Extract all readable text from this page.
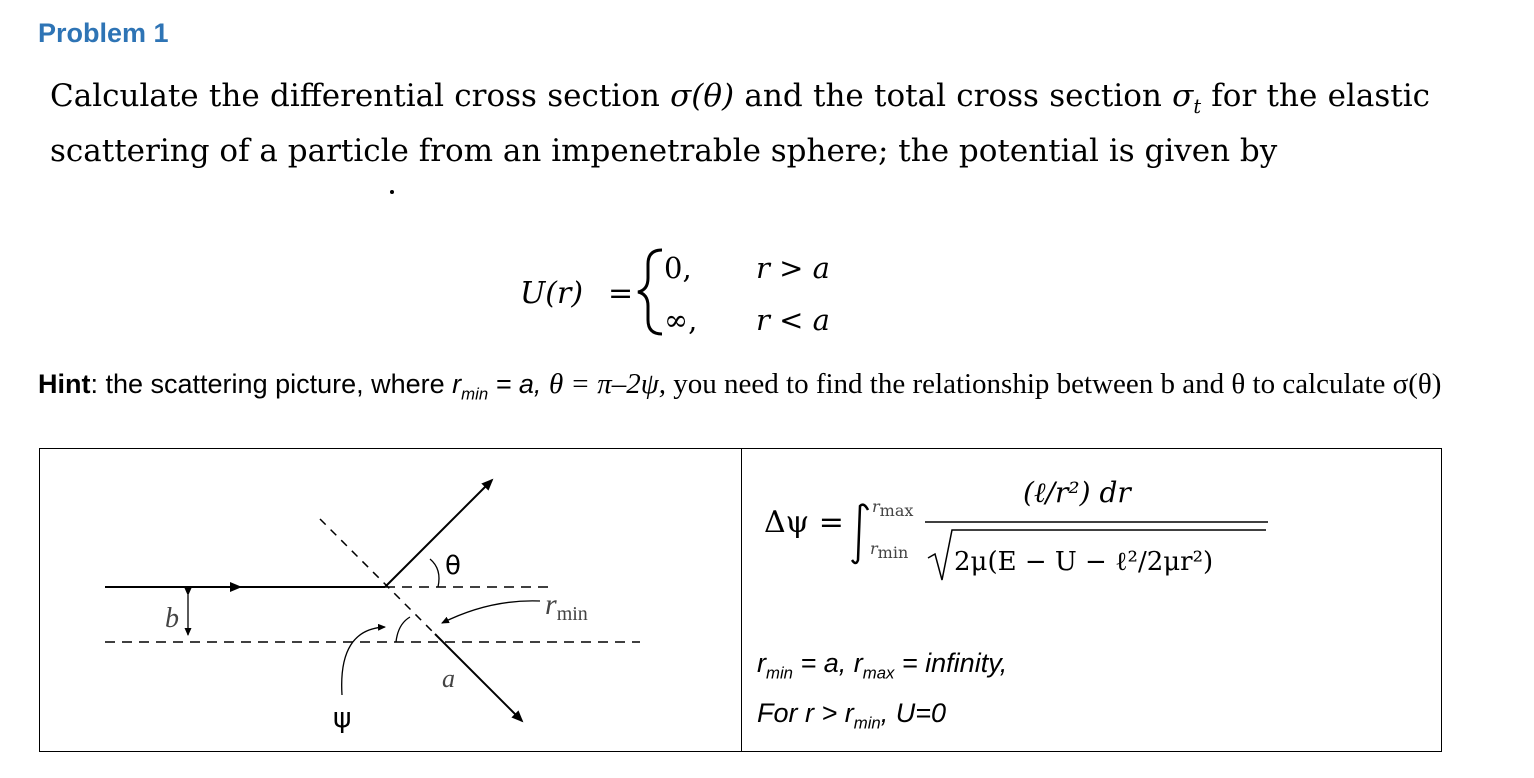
Problem 1
Calculate the differential cross section σ(θ) and the total cross section $\sigma_t$ for the elastic scattering of a particle from an impenetrable sphere; the potential is given by
U(r) =
0, r > a
∞, r < a
Hint: the scattering picture, where $r_{min} = a$, θ = π–2ψ, you need to find the relationship between b and θ to calculate σ(θ)
b
θ
$r_{min}$
a
ψ
Δψ = rmax
rmin
(ℓ/r²) dr
2μ(E − U − ℓ²/2μr²)
$r_{min} = a$, $r_{max}$ = infinity,
For $r > r_{min}$, U=0
